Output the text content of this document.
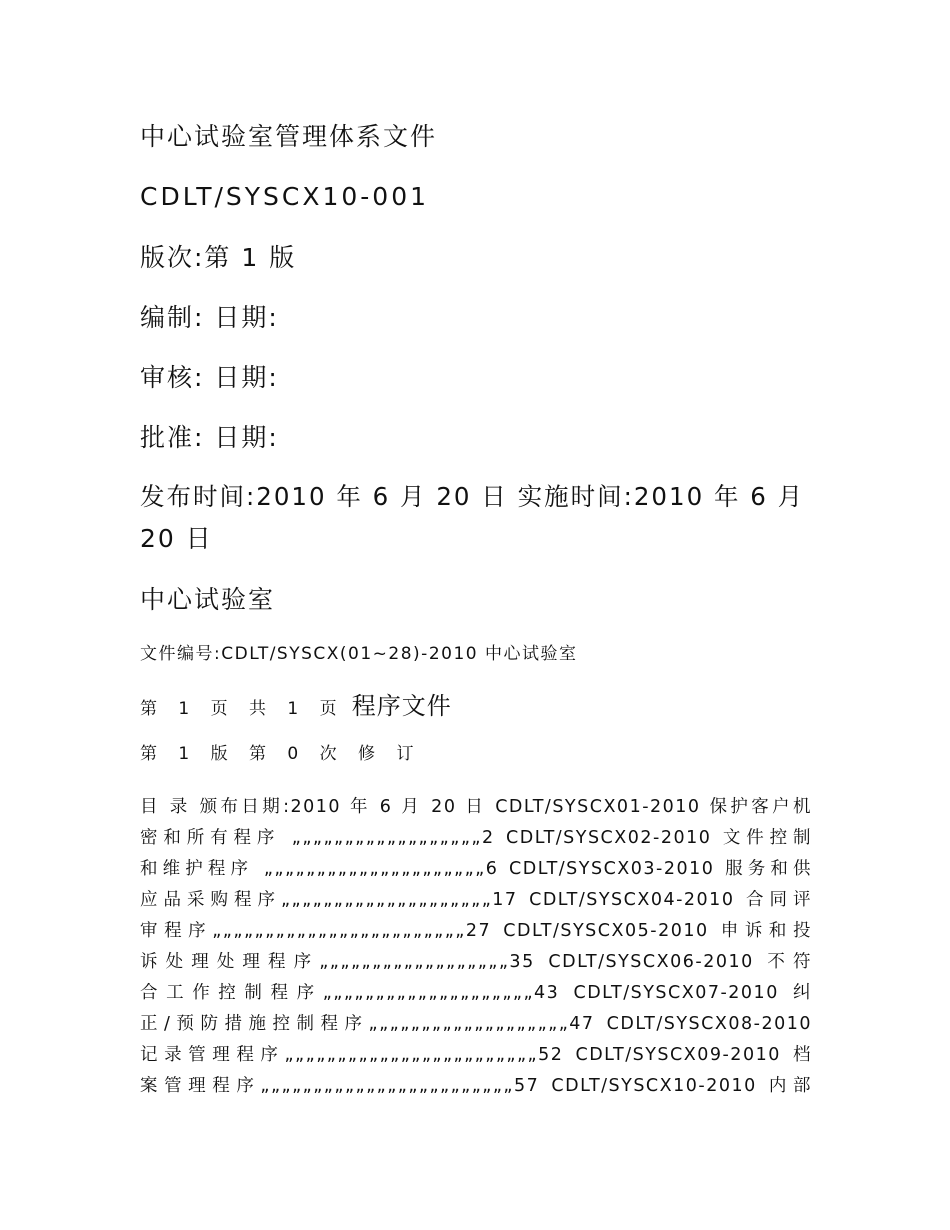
中心试验室管理体系文件
CDLT/SYSCX10-001
版次:第 1 版
编制: 日期:
审核: 日期:
批准: 日期:
发布时间:2010 年 6 月 20 日 实施时间:2010 年 6 月
20 日
中心试验室
文件编号:CDLT/SYSCX(01~28)-2010 中心试验室
第 1 页 共 1 页 程序文件
第 1 版 第 0 次 修 订
目 录 颁布日期:2010 年 6 月 20 日 CDLT/SYSCX01-2010 保护客户机
密和所有程序 „„„„„„„„„„„„„„„„„„2 CDLT/SYSCX02-2010 文件控制
和维护程序 „„„„„„„„„„„„„„„„„„„„„6 CDLT/SYSCX03-2010 服务和供
应品采购程序„„„„„„„„„„„„„„„„„„„„17 CDLT/SYSCX04-2010 合同评
审程序„„„„„„„„„„„„„„„„„„„„„„„„27 CDLT/SYSCX05-2010 申诉和投
诉处理处理程序„„„„„„„„„„„„„„„„„„35 CDLT/SYSCX06-2010 不符
合工作控制程序„„„„„„„„„„„„„„„„„„„„43 CDLT/SYSCX07-2010 纠
正/预防措施控制程序„„„„„„„„„„„„„„„„„„„47 CDLT/SYSCX08-2010
记录管理程序„„„„„„„„„„„„„„„„„„„„„„„„52 CDLT/SYSCX09-2010 档
案管理程序„„„„„„„„„„„„„„„„„„„„„„„„57 CDLT/SYSCX10-2010 内部
